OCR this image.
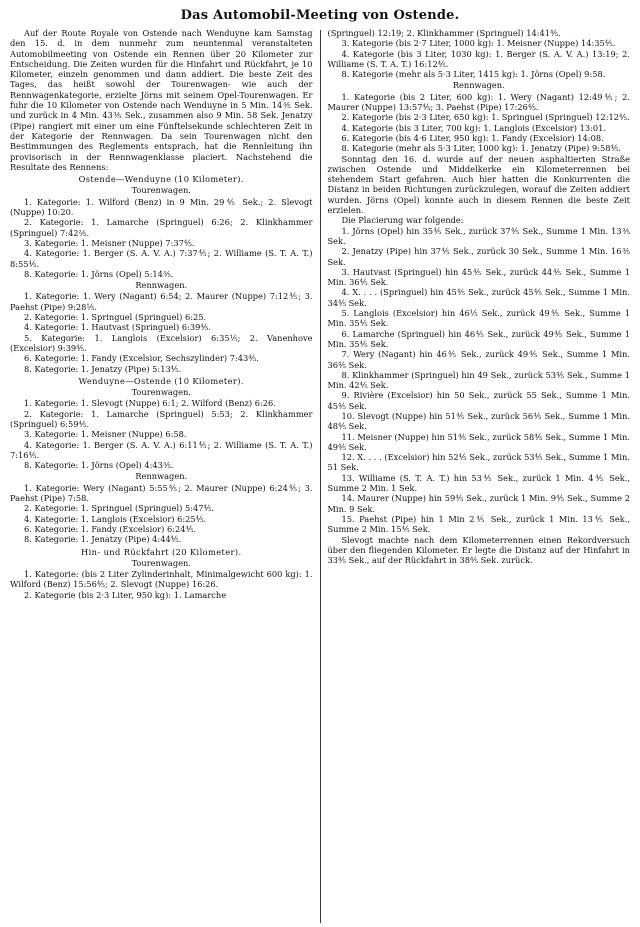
Das Automobil-Meeting von Ostende.

Auf der Route Royale von Ostende nach Wenduyne kam Samstag den 15. d. in dem nunmehr zum neuntenmal veranstalteten Automobilmeeting von Ostende ein Rennen über 20 Kilometer zur Entscheidung. Die Zeiten wurden für die Hinfahrt und Rückfahrt, je 10 Kilometer, einzeln genommen und dann addiert. Die beste Zeit des Tages, das heißt sowohl der Tourenwagen- wie auch der Rennwagenkategorie, erzielte Jörns mit seinem Opel-Tourenwagen. Er fuhr die 10 Kilometer von Ostende nach Wenduyne in 5 Min. 14⅗ Sek. und zurück in 4 Min. 43⅗ Sek., zusammen also 9 Min. 58 Sek. Jenatzy (Pipe) rangiert mit einer um eine Fünftelsekunde schlechteren Zeit in der Kategorie der Rennwagen. Da sein Tourenwagen nicht den Bestimmungen des Reglements entsprach, hat die Rennleitung ihn provisorisch in der Rennwagenklasse placiert. Nachstehend die Resultate des Rennens:

Ostende—Wenduyne (10 Kilometer).
Tourenwagen.

1. Kategorie: 1. Wilford (Benz) in 9 Min. 29⅘ Sek.; 2. Slevogt (Nuppe) 10:20.

2. Kategorie: 1. Lamarche (Springuel) 6:26; 2. Klinkhammer (Springuel) 7:42⅖.

3. Kategorie: 1. Meisner (Nuppe) 7:37⅘.

4. Kategorie: 1. Berger (S. A. V. A.) 7:37⅘; 2. Williame (S. T. A. T.) 8:55⅘.

8. Kategorie: 1. Jörns (Opel) 5:14⅗.

Rennwagen.

1. Kategorie: 1. Wery (Nagant) 6:54; 2. Maurer (Nuppe) 7:12⅘; 3. Paehst (Pipe) 9:28⅕.

2. Kategorie: 1. Springuel (Springuel) 6:25.

4. Kategorie: 1. Hautvast (Springuel) 6:39⅘.

5. Kategorie: 1. Langlois (Excelsior) 6:35⅕; 2. Vanenhove (Excelsior) 9:39⅘.

6. Kategorie: 1. Fandy (Excelsior, Sechszylinder) 7:43⅘.

8. Kategorie: 1. Jenatzy (Pipe) 5:13⅘.

Wenduyne—Ostende (10 Kilometer).
Tourenwagen.

1. Kategorie: 1. Slevogt (Nuppe) 6:1; 2. Wilford (Benz) 6:26.

2. Kategorie: 1. Lamarche (Springuel) 5:53; 2. Klinkhammer (Springuel) 6:59⅘.

3. Kategorie: 1. Meisner (Nuppe) 6:58.

4. Kategorie: 1. Berger (S. A. V. A.) 6:11⅘; 2. Williame (S. T. A. T.) 7:16⅘.

8. Kategorie: 1. Jörns (Opel) 4:43⅗.

Rennwagen.

1. Kategorie: Wery (Nagant) 5:55⅘; 2. Maurer (Nuppe) 6:24⅘; 3. Paehst (Pipe) 7:58.

2. Kategorie: 1. Springuel (Springuel) 5:47⅘.

4. Kategorie: 1. Langlois (Excelsior) 6:25⅘.

6. Kategorie: 1. Fandy (Excelsior) 6:24⅘.

8. Kategorie: 1. Jenatzy (Pipe) 4:44⅘.

Hin- und Rückfahrt (20 Kilometer).
Tourenwagen.

1. Kategorie: (bis 2 Liter Zylinderinhalt, Minimalgewicht 600 kg): 1. Wilford (Benz) 15:56⅘; 2. Slevogt (Nuppe) 16:26.

2. Kategorie (bis 2·3 Liter, 950 kg): 1. Lamarche

(Springuel) 12:19; 2. Klinkhammer (Springuel) 14:41⅘.

3. Kategorie (bis 2·7 Liter, 1000 kg): 1. Meisner (Nuppe) 14:35⅘.

4. Kategorie (bis 3 Liter, 1030 kg): 1. Berger (S. A. V. A.) 13:19; 2. Williame (S. T. A. T.) 16:12⅘.

8. Kategorie (mehr als 5·3 Liter, 1415 kg): 1. Jörns (Opel) 9:58.

Rennwagen.

1. Kategorie (bis 2 Liter, 600 kg): 1. Wery (Nagant) 12:49⅘; 2. Maurer (Nuppe) 13:57⅘; 3. Paehst (Pipe) 17:26⅘.

2. Kategorie (bis 2·3 Liter, 650 kg): 1. Springuel (Springuel) 12:12⅘.

4. Kategorie (bis 3 Liter, 700 kg): 1. Langlois (Excelsior) 13:01.

6. Kategorie (bis 4·6 Liter, 950 kg): 1. Fandy (Excelsior) 14:08.

8. Kategorie (mehr als 5·3 Liter, 1000 kg): 1. Jenatzy (Pipe) 9:58⅘.

Sonntag den 16. d. wurde auf der neuen asphaltierten Straße zwischen Ostende und Middelkerke ein Kilometerrennen bei stehendem Start gefahren. Auch hier hatten die Konkurrenten die Distanz in beiden Richtungen zurückzulegen, worauf die Zeiten addiert wurden. Jörns (Opel) konnte auch in diesem Rennen die beste Zeit erzielen.

Die Placierung war folgende:

1. Jörns (Opel) hin 35⅘ Sek., zurück 37⅘ Sek., Summe 1 Min. 13⅗ Sek.

2. Jenatzy (Pipe) hin 37⅘ Sek., zurück 30 Sek., Summe 1 Min. 16⅗ Sek.

3. Hautvast (Springuel) hin 45⅘ Sek., zurück 44⅘ Sek., Summe 1 Min. 36⅘ Sek.

4. X. . . . (Springuel) hin 45⅘ Sek., zurück 45⅘ Sek., Summe 1 Min. 34⅘ Sek.

5. Langlois (Excelsior) hin 46⅕ Sek., zurück 49⅘ Sek., Summe 1 Min. 35⅘ Sek.

6. Lamarche (Springuel) hin 46⅘ Sek., zurück 49⅘ Sek., Summe 1 Min. 35⅘ Sek.

7. Wery (Nagant) hin 46⅘ Sek., zurück 49⅘ Sek., Summe 1 Min. 36⅘ Sek.

8. Klinkhammer (Springuel) hin 49 Sek., zurück 53⅘ Sek., Summe 1 Min. 42⅘ Sek.

9. Rivière (Excelsior) hin 50 Sek., zurück 55 Sek., Summe 1 Min. 45⅘ Sek.

10. Slevogt (Nuppe) hin 51⅘ Sek., zurück 56⅘ Sek., Summe 1 Min. 48⅘ Sek.

11. Meisner (Nuppe) hin 51⅘ Sek., zurück 58⅘ Sek., Summe 1 Min. 49⅘ Sek.

12. X. . . . (Excelsior) hin 52⅘ Sek., zurück 53⅘ Sek., Summe 1 Min. 51 Sek.

13. Williame (S. T. A. T.) hin 53⅘ Sek., zurück 1 Min. 4⅘ Sek., Summe 2 Min. 1 Sek.

14. Maurer (Nuppe) hin 59⅘ Sek., zurück 1 Min. 9⅘ Sek., Summe 2 Min. 9 Sek.

15. Paehst (Pipe) hin 1 Min 2⅘ Sek., zurück 1 Min. 13⅘ Sek., Summe 2 Min. 15⅘ Sek.

Slevogt machte nach dem Kilometerrennen einen Rekordversuch über den fliegenden Kilometer. Er legte die Distanz auf der Hinfahrt in 33⅘ Sek., auf der Rückfahrt in 38⅘ Sek. zurück.
